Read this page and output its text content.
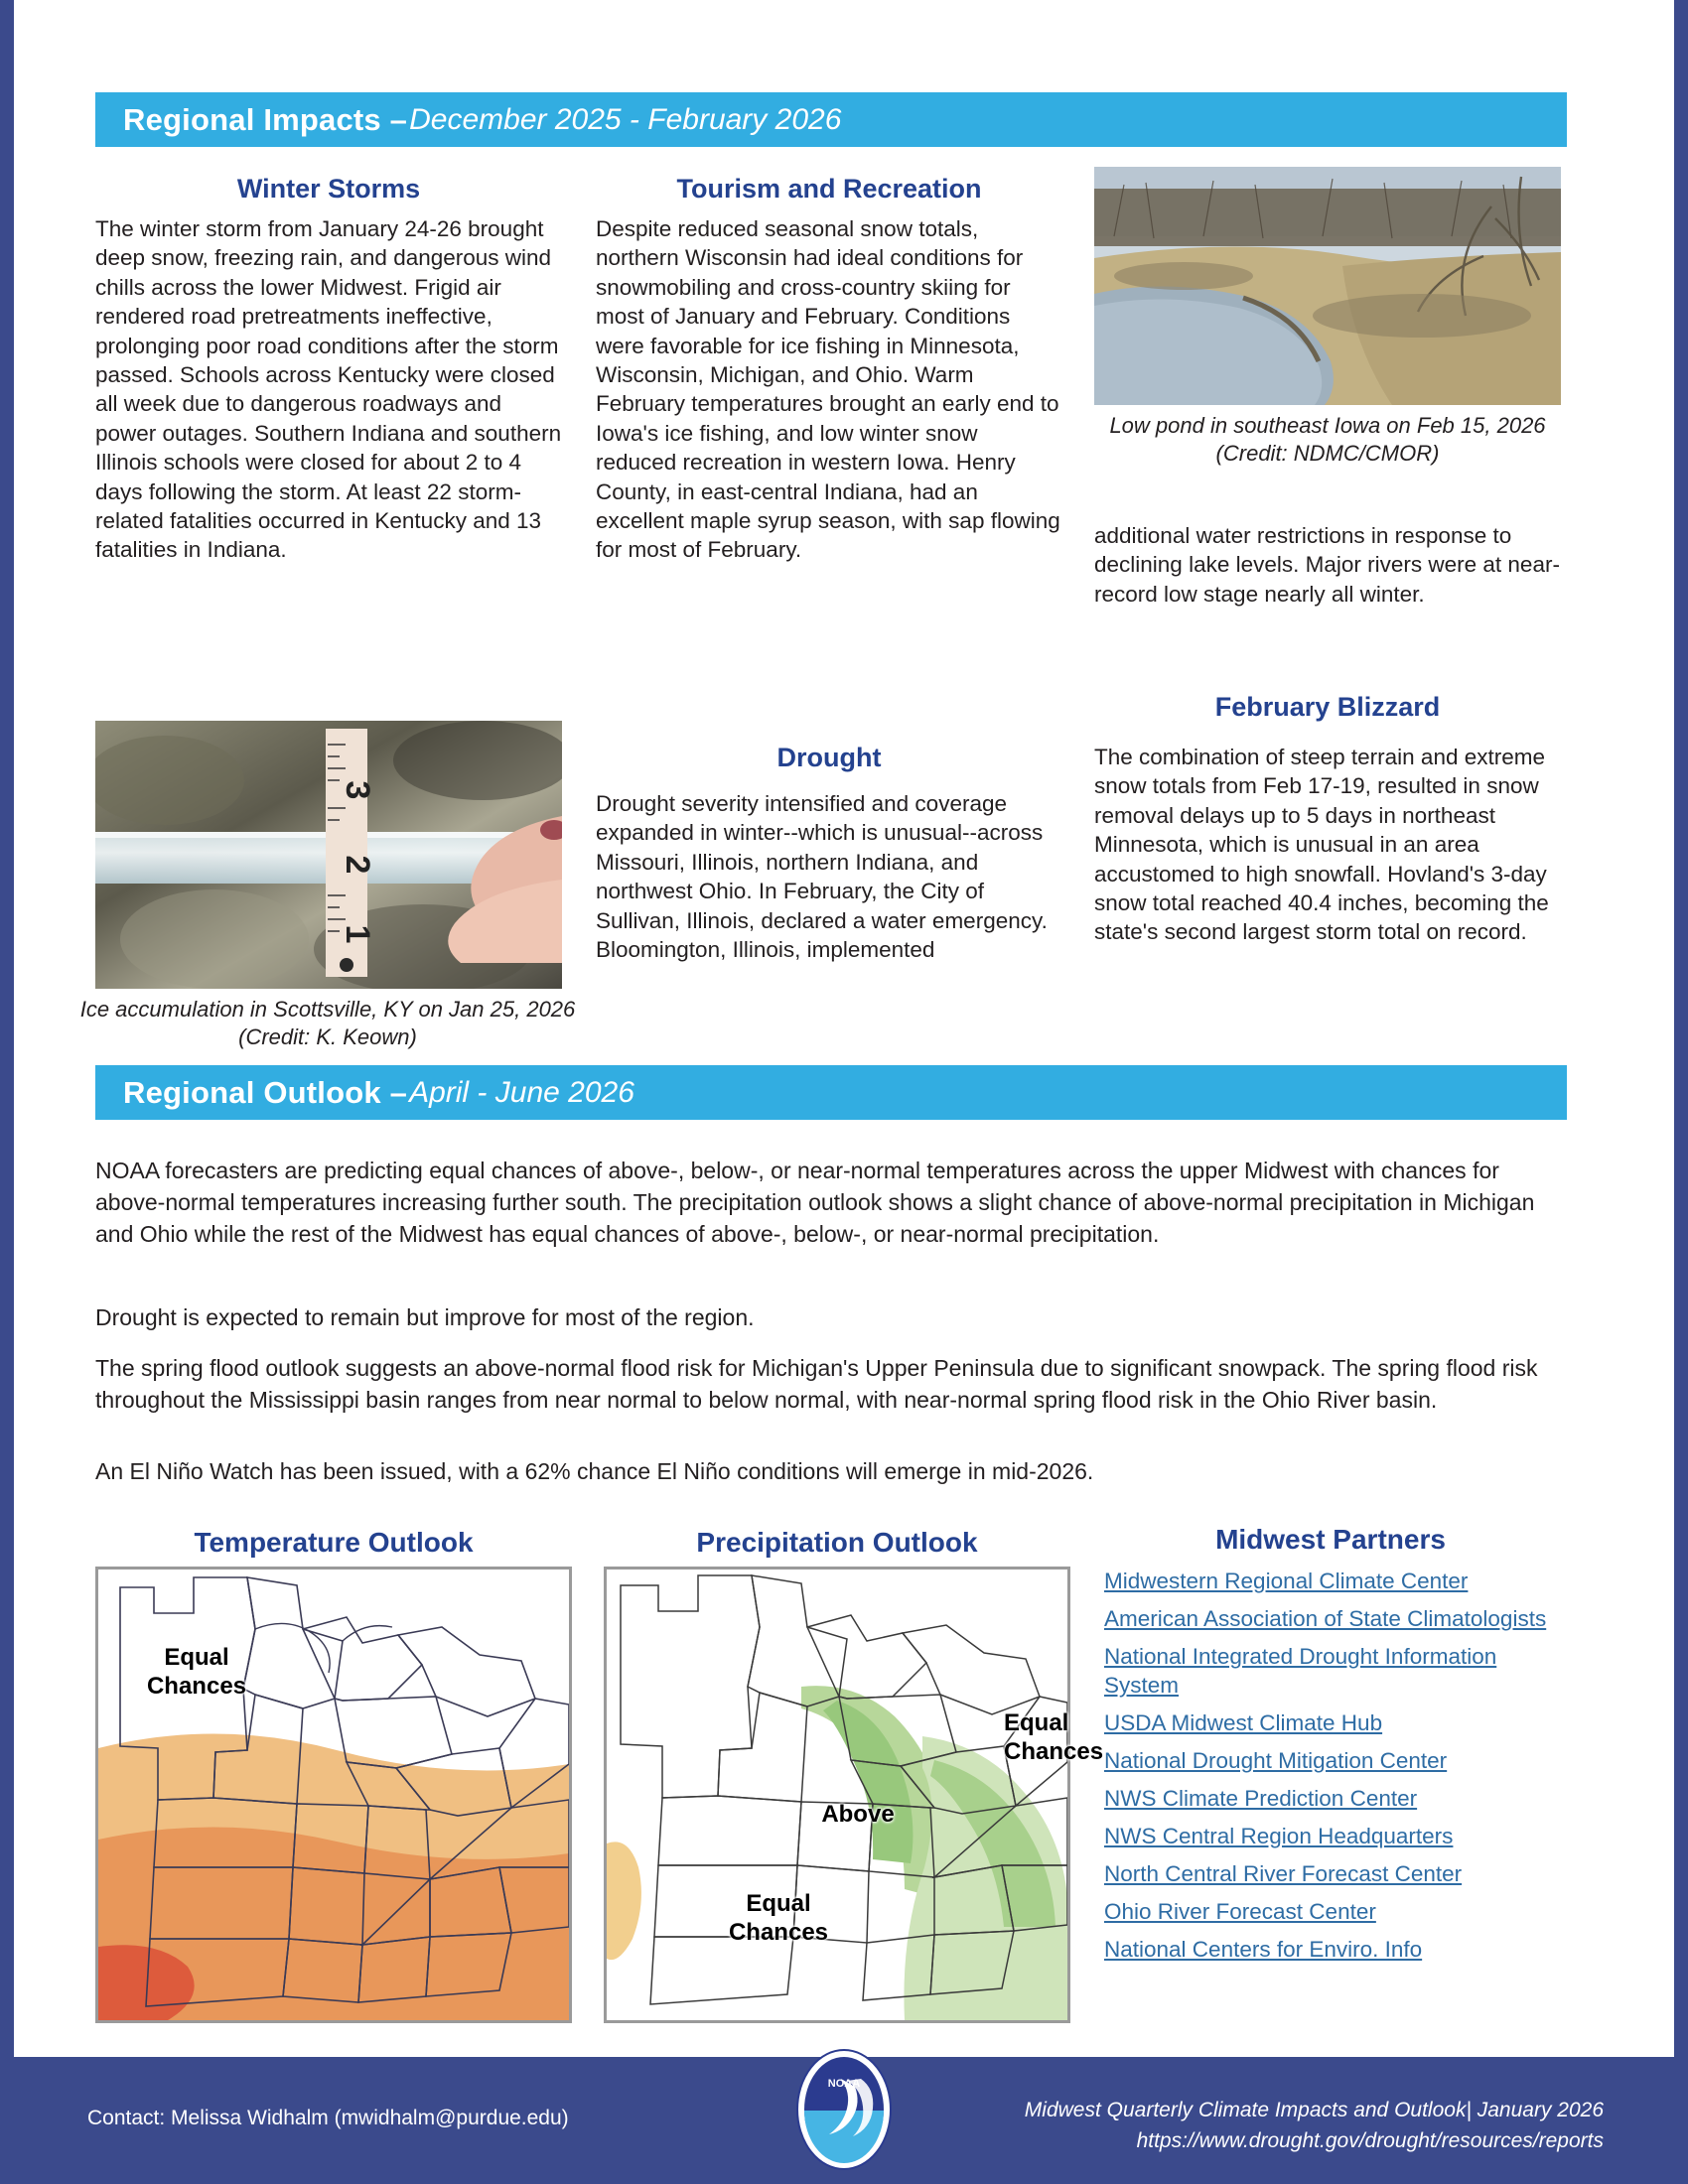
Regional Impacts – December 2025 - February 2026
Winter Storms
The winter storm from January 24-26 brought deep snow, freezing rain, and dangerous wind chills across the lower Midwest. Frigid air rendered road pretreatments ineffective, prolonging poor road conditions after the storm passed. Schools across Kentucky were closed all week due to dangerous roadways and power outages. Southern Indiana and southern Illinois schools were closed for about 2 to 4 days following the storm. At least 22 storm-related fatalities occurred in Kentucky and 13 fatalities in Indiana.
3
2
1
Ice accumulation in Scottsville, KY on Jan 25, 2026 (Credit: K. Keown)
Tourism and Recreation
Despite reduced seasonal snow totals, northern Wisconsin had ideal conditions for snowmobiling and cross-country skiing for most of January and February. Conditions were favorable for ice fishing in Minnesota, Wisconsin, Michigan, and Ohio. Warm February temperatures brought an early end to Iowa's ice fishing, and low winter snow reduced recreation in western Iowa. Henry County, in east-central Indiana, had an excellent maple syrup season, with sap flowing for most of February.
Drought
Drought severity intensified and coverage expanded in winter--which is unusual--across Missouri, Illinois, northern Indiana, and northwest Ohio. In February, the City of Sullivan, Illinois, declared a water emergency. Bloomington, Illinois, implemented
Low pond in southeast Iowa on Feb 15, 2026 (Credit: NDMC/CMOR)
additional water restrictions in response to declining lake levels. Major rivers were at near-record low stage nearly all winter.
February Blizzard
The combination of steep terrain and extreme snow totals from Feb 17-19, resulted in snow removal delays up to 5 days in northeast Minnesota, which is unusual in an area accustomed to high snowfall. Hovland's 3-day snow total reached 40.4 inches, becoming the state's second largest storm total on record.
Regional Outlook – April - June 2026
NOAA forecasters are predicting equal chances of above-, below-, or near-normal temperatures across the upper Midwest with chances for above-normal temperatures increasing further south. The precipitation outlook shows a slight chance of above-normal precipitation in Michigan and Ohio while the rest of the Midwest has equal chances of above-, below-, or near-normal precipitation.
Drought is expected to remain but improve for most of the region.
The spring flood outlook suggests an above-normal flood risk for Michigan's Upper Peninsula due to significant snowpack. The spring flood risk throughout the Mississippi basin ranges from near normal to below normal, with near-normal spring flood risk in the Ohio River basin.
An El Niño Watch has been issued, with a 62% chance El Niño conditions will emerge in mid-2026.
Temperature Outlook
Equal Chances
Precipitation Outlook
Equal Chances
Above
Equal Chances
Midwest Partners
Midwestern Regional Climate Center
American Association of State Climatologists
National Integrated Drought Information System
USDA Midwest Climate Hub
National Drought Mitigation Center
NWS Climate Prediction Center
NWS Central Region Headquarters
North Central River Forecast Center
Ohio River Forecast Center
National Centers for Enviro. Info
Contact: Melissa Widhalm (mwidhalm@purdue.edu)	Midwest Quarterly Climate Impacts and Outlook| January 2026
https://www.drought.gov/drought/resources/reports
NOAA
